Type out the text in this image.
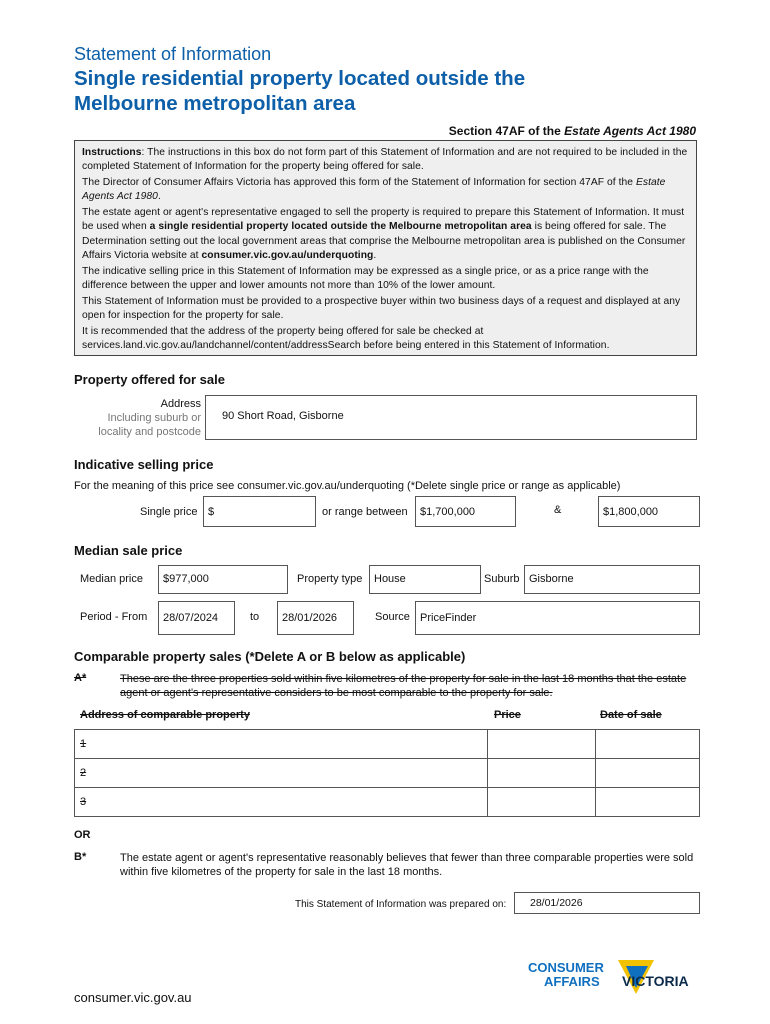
Statement of Information
Single residential property located outside the
Melbourne metropolitan area
Section 47AF of the Estate Agents Act 1980

Instructions: The instructions in this box do not form part of this Statement of Information and are not required to be included in the completed Statement of Information for the property being offered for sale.

The Director of Consumer Affairs Victoria has approved this form of the Statement of Information for section 47AF of the Estate Agents Act 1980.

The estate agent or agent's representative engaged to sell the property is required to prepare this Statement of Information. It must be used when a single residential property located outside the Melbourne metropolitan area is being offered for sale. The Determination setting out the local government areas that comprise the Melbourne metropolitan area is published on the Consumer Affairs Victoria website at consumer.vic.gov.au/underquoting.

The indicative selling price in this Statement of Information may be expressed as a single price, or as a price range with the difference between the upper and lower amounts not more than 10% of the lower amount.

This Statement of Information must be provided to a prospective buyer within two business days of a request and displayed at any open for inspection for the property for sale.

It is recommended that the address of the property being offered for sale be checked at services.land.vic.gov.au/landchannel/content/addressSearch before being entered in this Statement of Information.

Property offered for sale
Address
Including suburb or
locality and postcode
90 Short Road, Gisborne
Indicative selling price
For the meaning of this price see consumer.vic.gov.au/underquoting (*Delete single price or range as applicable)
Single price $	or range between	$1,700,000	&	$1,800,000
Median sale price
Median price	$977,000	Property type	House	Suburb Gisborne
Period - From	28/07/2024	to	28/01/2026	Source PriceFinder
Comparable property sales (*Delete A or B below as applicable)
A*	These are the three properties sold within five kilometres of the property for sale in the last 18 months that the estate agent or agent's representative considers to be most comparable to the property for sale.
Address of comparable property	Price	Date of sale
1		
2		
3		
OR
B*	The estate agent or agent's representative reasonably believes that fewer than three comparable properties were sold within five kilometres of the property for sale in the last 18 months.
This Statement of Information was prepared on:	28/01/2026
CONSUMER
AFFAIRS VICTORIA
consumer.vic.gov.au
